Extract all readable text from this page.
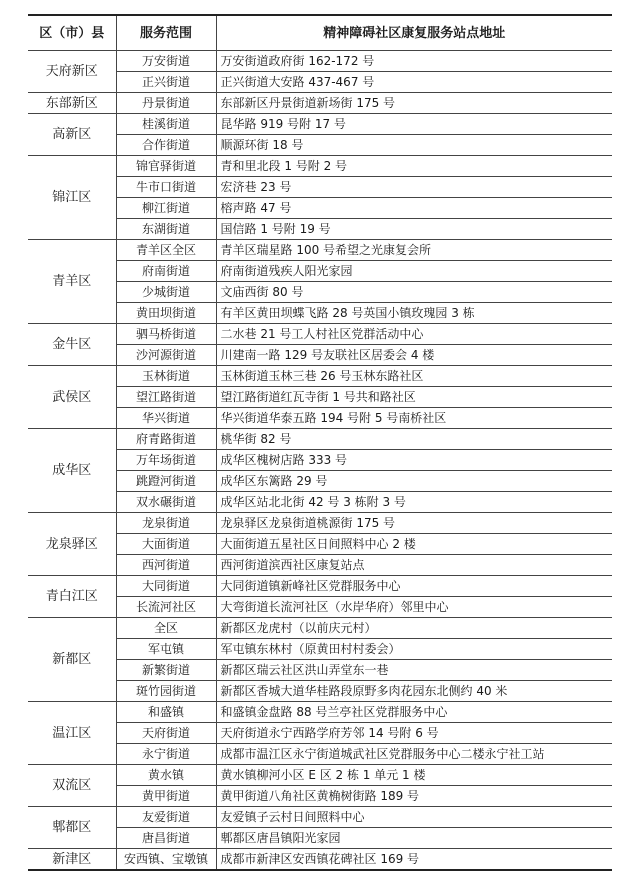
区（市）县	服务范围	精神障碍社区康复服务站点地址
天府新区	万安街道	万安街道政府街 162-172 号
	正兴街道	正兴街道大安路 437-467 号
东部新区	丹景街道	东部新区丹景街道新场街 175 号
高新区	桂溪街道	昆华路 919 号附 17 号
	合作街道	顺源环街 18 号
锦江区	锦官驿街道	青和里北段 1 号附 2 号
	牛市口街道	宏济巷 23 号
	柳江街道	榕声路 47 号
	东湖街道	国信路 1 号附 19 号
青羊区	青羊区全区	青羊区瑞星路 100 号希望之光康复会所
	府南街道	府南街道残疾人阳光家园
	少城街道	文庙西街 80 号
	黄田坝街道	有羊区黄田坝蝶飞路 28 号英国小镇玫瑰园 3 栋
金牛区	驷马桥街道	二水巷 21 号工人村社区党群活动中心
	沙河源街道	川建南一路 129 号友联社区居委会 4 楼
武侯区	玉林街道	玉林街道玉林三巷 26 号玉林东路社区
	望江路街道	望江路街道红瓦寺街 1 号共和路社区
	华兴街道	华兴街道华泰五路 194 号附 5 号南桥社区
成华区	府青路街道	桃华街 82 号
	万年场街道	成华区槐树店路 333 号
	跳蹬河街道	成华区东篱路 29 号
	双水碾街道	成华区站北北街 42 号 3 栋附 3 号
龙泉驿区	龙泉街道	龙泉驿区龙泉街道桃源街 175 号
	大面街道	大面街道五星社区日间照料中心 2 楼
	西河街道	西河街道滨西社区康复站点
青白江区	大同街道	大同街道镇新峰社区党群服务中心
	长流河社区	大弯街道长流河社区（水岸华府）邻里中心
新都区	全区	新都区龙虎村（以前庆元村）
	军屯镇	军屯镇东林村（原黄田村村委会）
	新繁街道	新都区瑞云社区洪山弄堂东一巷
	斑竹园街道	新都区香城大道华桂路段原野多肉花园东北侧约 40 米
温江区	和盛镇	和盛镇金盘路 88 号兰亭社区党群服务中心
	天府街道	天府街道永宁西路学府芳邻 14 号附 6 号
	永宁街道	成都市温江区永宁街道城武社区党群服务中心二楼永宁社工站
双流区	黄水镇	黄水镇柳河小区 E 区 2 栋 1 单元 1 楼
	黄甲街道	黄甲街道八角社区黄桷树街路 189 号
郫都区	友爱街道	友爱镇子云村日间照料中心
	唐昌街道	郫都区唐昌镇阳光家园
新津区	安西镇、宝墩镇	成都市新津区安西镇花碑社区 169 号
